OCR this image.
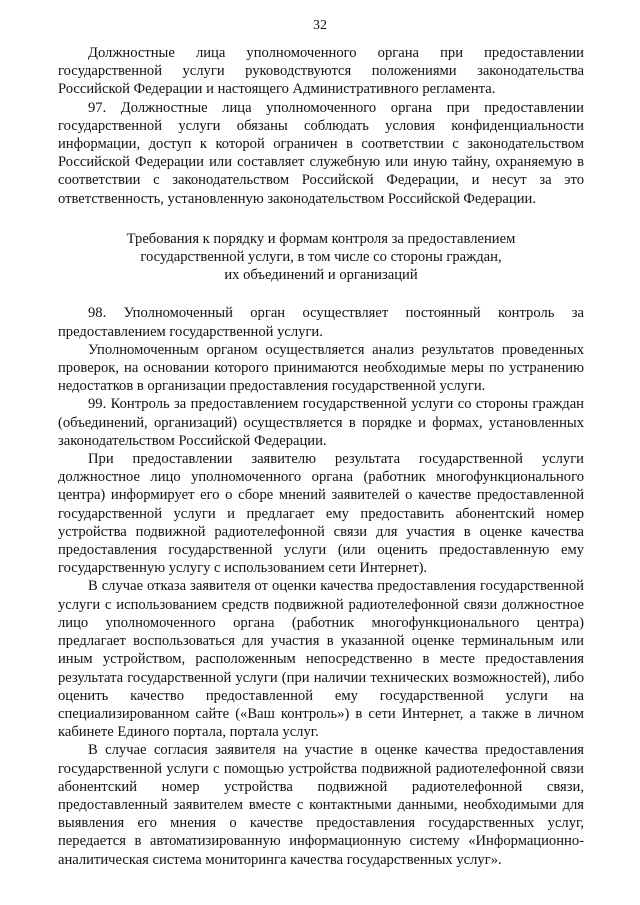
32

Должностные лица уполномоченного органа при предоставлении государственной услуги руководствуются положениями законодательства Российской Федерации и настоящего Административного регламента.

97. Должностные лица уполномоченного органа при предоставлении государственной услуги обязаны соблюдать условия конфиденциальности информации, доступ к которой ограничен в соответствии с законодательством Российской Федерации или составляет служебную или иную тайну, охраняемую в соответствии с законодательством Российской Федерации, и несут за это ответственность, установленную законодательством Российской Федерации.

Требования к порядку и формам контроля за предоставлением
государственной услуги, в том числе со стороны граждан,
их объединений и организаций

98. Уполномоченный орган осуществляет постоянный контроль за предоставлением государственной услуги.

Уполномоченным органом осуществляется анализ результатов проведенных проверок, на основании которого принимаются необходимые меры по устранению недостатков в организации предоставления государственной услуги.

99. Контроль за предоставлением государственной услуги со стороны граждан (объединений, организаций) осуществляется в порядке и формах, установленных законодательством Российской Федерации.

При предоставлении заявителю результата государственной услуги должностное лицо уполномоченного органа (работник многофункционального центра) информирует его о сборе мнений заявителей о качестве предоставленной государственной услуги и предлагает ему предоставить абонентский номер устройства подвижной радиотелефонной связи для участия в оценке качества предоставления государственной услуги (или оценить предоставленную ему государственную услугу с использованием сети Интернет).

В случае отказа заявителя от оценки качества предоставления государственной услуги с использованием средств подвижной радиотелефонной связи должностное лицо уполномоченного органа (работник многофункционального центра) предлагает воспользоваться для участия в указанной оценке терминальным или иным устройством, расположенным непосредственно в месте предоставления результата государственной услуги (при наличии технических возможностей), либо оценить качество предоставленной ему государственной услуги на специализированном сайте («Ваш контроль») в сети Интернет, а также в личном кабинете Единого портала, портала услуг.

В случае согласия заявителя на участие в оценке качества предоставления государственной услуги с помощью устройства подвижной радиотелефонной связи абонентский номер устройства подвижной радиотелефонной связи, предоставленный заявителем вместе с контактными данными, необходимыми для выявления его мнения о качестве предоставления государственных услуг, передается в автоматизированную информационную систему «Информационно-аналитическая система мониторинга качества государственных услуг».
